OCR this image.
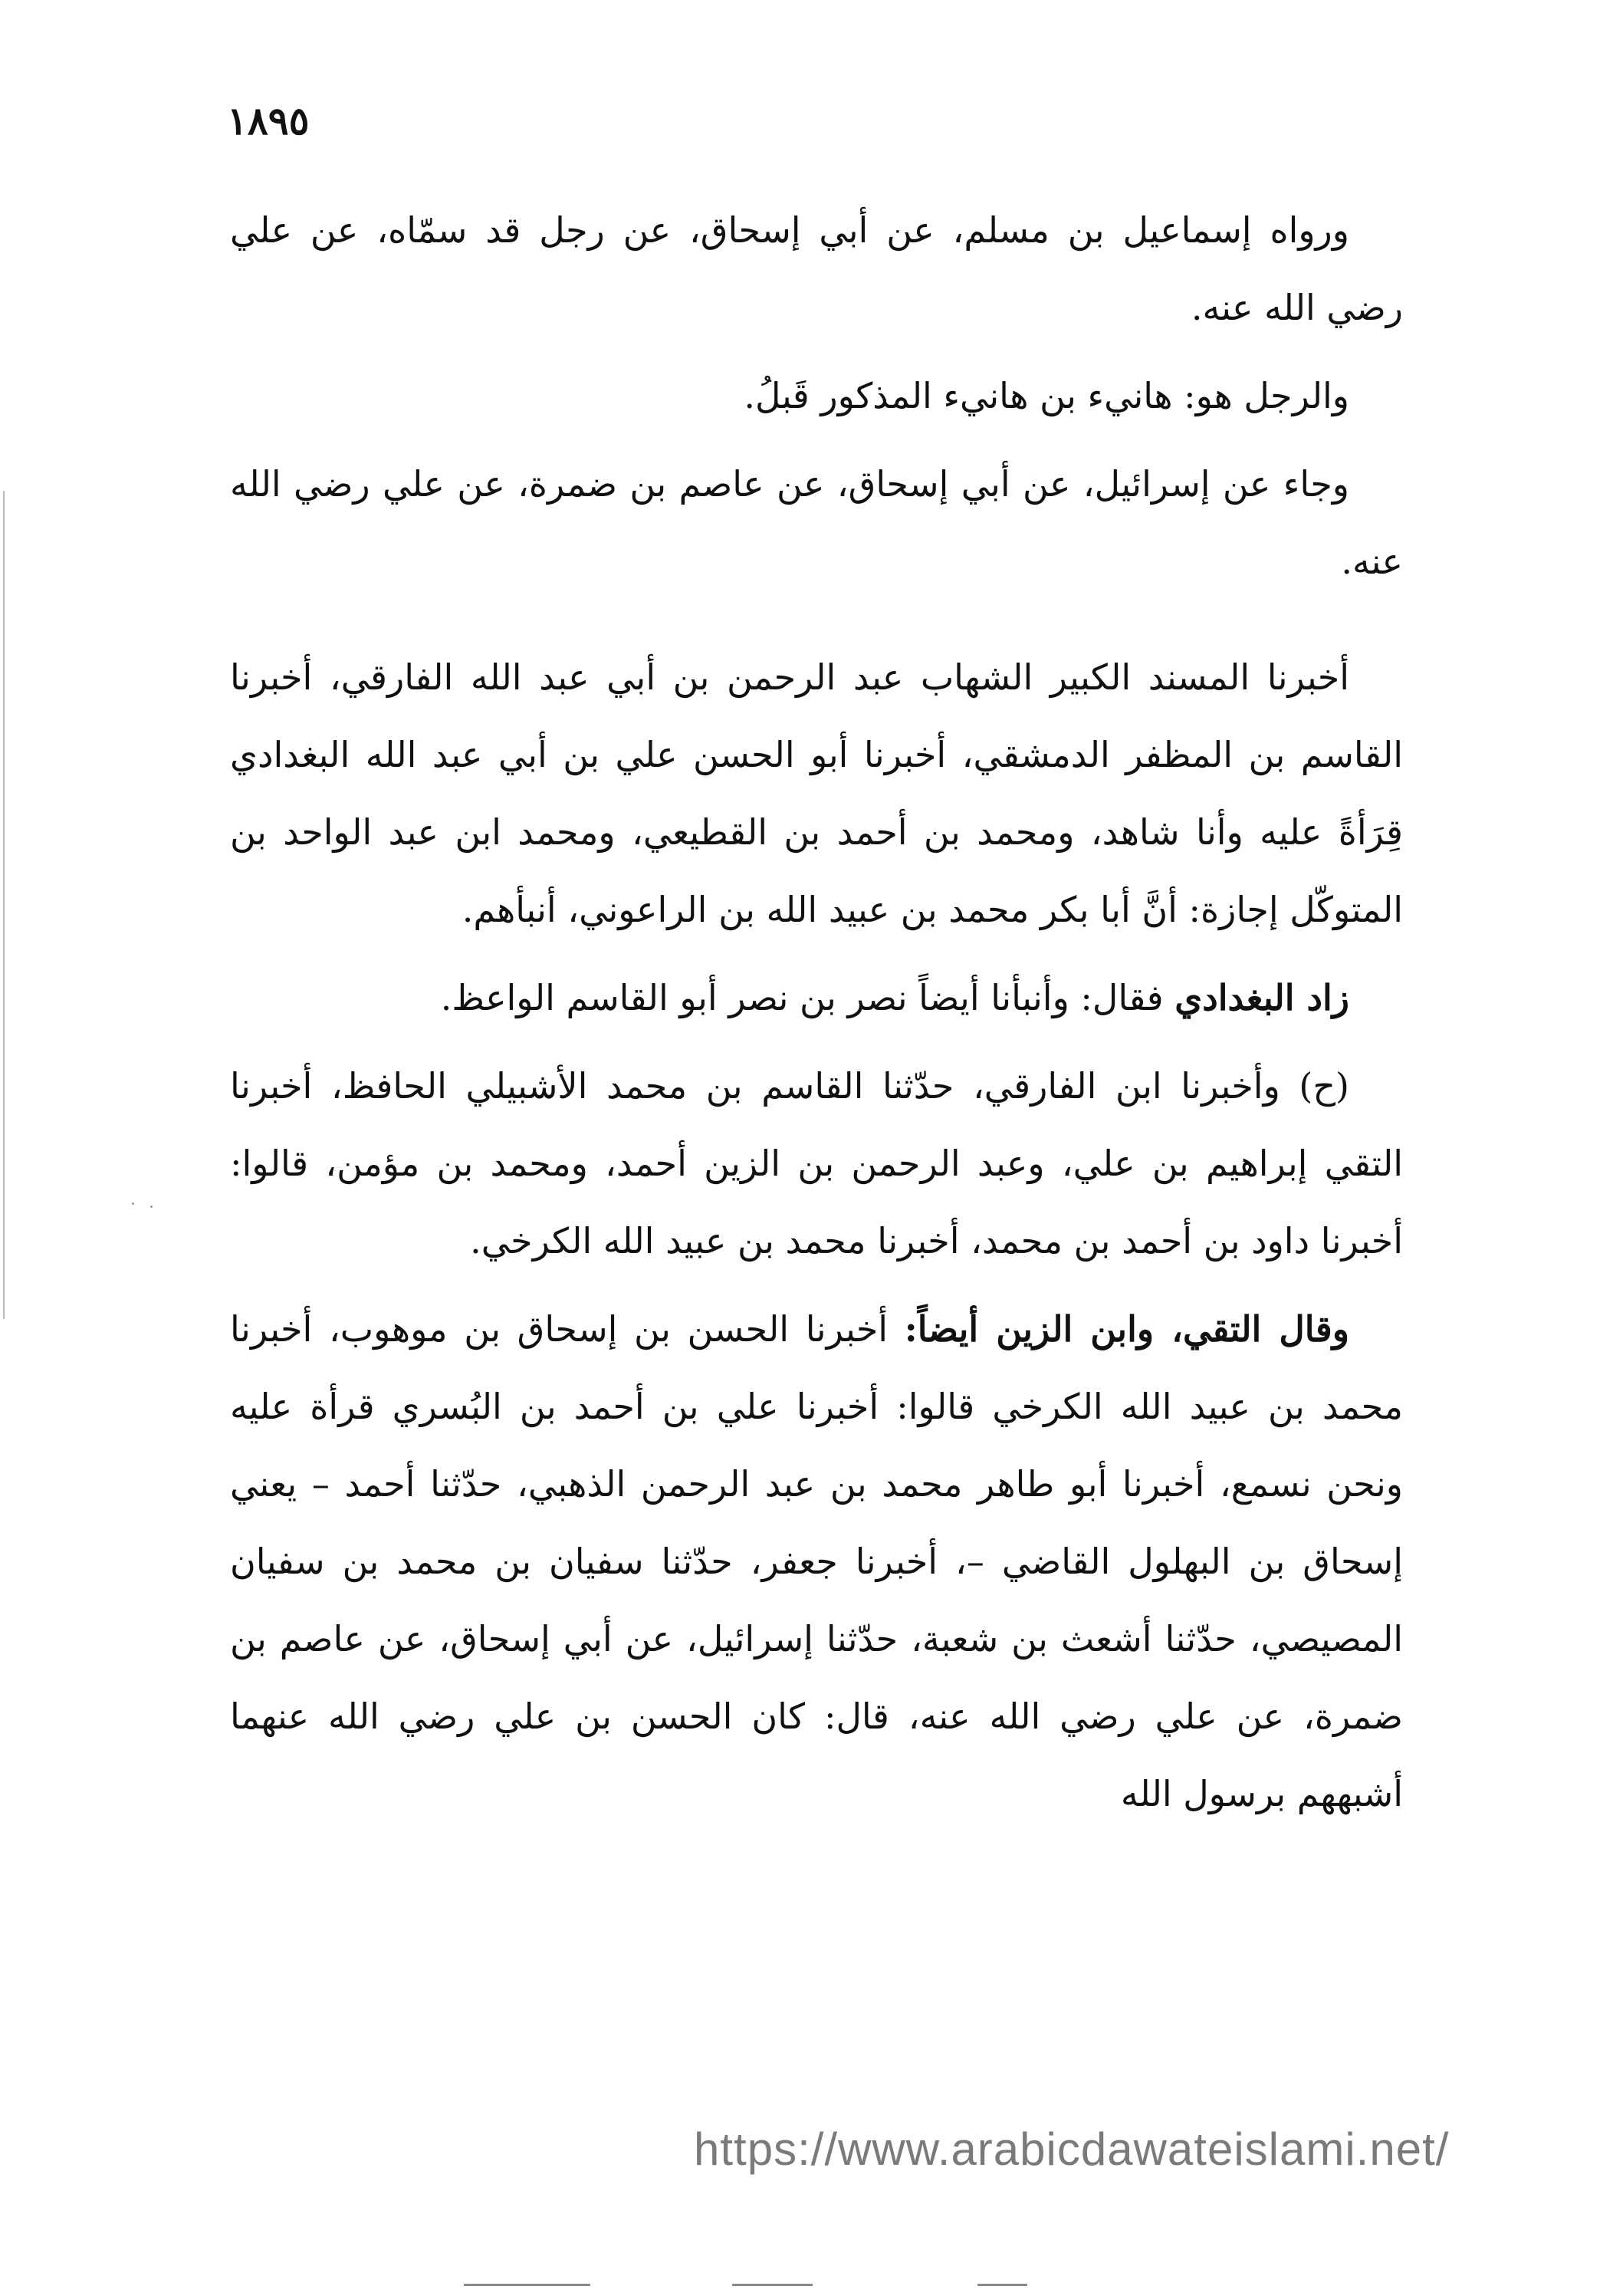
١٨٩٥

ورواه إسماعيل بن مسلم، عن أبي إسحاق، عن رجل قد سمّاه، عن علي رضي الله عنه.

والرجل هو: هانيء بن هانيء المذكور قَبلُ.

وجاء عن إسرائيل، عن أبي إسحاق، عن عاصم بن ضمرة، عن علي رضي الله عنه.

أخبرنا المسند الكبير الشهاب عبد الرحمن بن أبي عبد الله الفارقي، أخبرنا القاسم بن المظفر الدمشقي، أخبرنا أبو الحسن علي بن أبي عبد الله البغدادي قِرَأةً عليه وأنا شاهد، ومحمد بن أحمد بن القطيعي، ومحمد ابن عبد الواحد بن المتوكّل إجازة: أنَّ أبا بكر محمد بن عبيد الله بن الراعوني، أنبأهم.

زاد البغدادي فقال: وأنبأنا أيضاً نصر بن نصر أبو القاسم الواعظ.

(ح) وأخبرنا ابن الفارقي، حدّثنا القاسم بن محمد الأشبيلي الحافظ، أخبرنا التقي إبراهيم بن علي، وعبد الرحمن بن الزين أحمد، ومحمد بن مؤمن، قالوا: أخبرنا داود بن أحمد بن محمد، أخبرنا محمد بن عبيد الله الكرخي.

وقال التقي، وابن الزين أيضاً: أخبرنا الحسن بن إسحاق بن موهوب، أخبرنا محمد بن عبيد الله الكرخي قالوا: أخبرنا علي بن أحمد بن البُسري قرأة عليه ونحن نسمع، أخبرنا أبو طاهر محمد بن عبد الرحمن الذهبي، حدّثنا أحمد – يعني إسحاق بن البهلول القاضي –، أخبرنا جعفر، حدّثنا سفيان بن محمد بن سفيان المصيصي، حدّثنا أشعث بن شعبة، حدّثنا إسرائيل، عن أبي إسحاق، عن عاصم بن ضمرة، عن علي رضي الله عنه، قال: كان الحسن بن علي رضي الله عنهما أشبههم برسول الله

https://www.arabicdawateislami.net/
